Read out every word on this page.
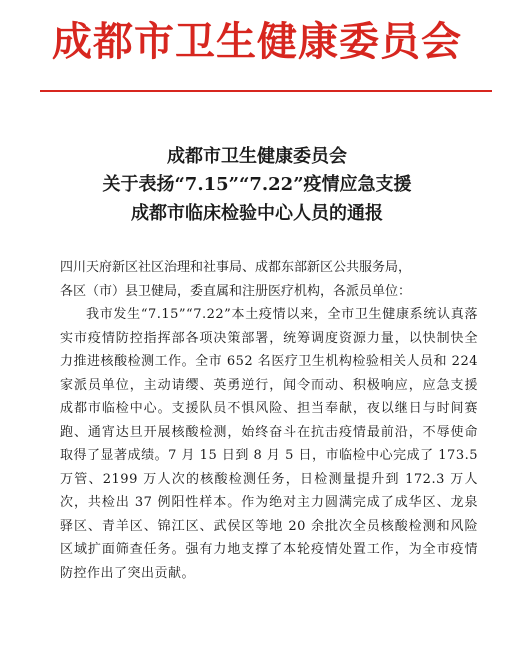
成都市卫生健康委员会
成都市卫生健康委员会
关于表扬“7.15”“7.22”疫情应急支援
成都市临床检验中心人员的通报
四川天府新区社区治理和社事局、成都东部新区公共服务局，
各区（市）县卫健局，委直属和注册医疗机构，各派员单位：
我市发生“7.15”“7.22”本土疫情以来，全市卫生健康系统认真落实市疫情防控指挥部各项决策部署，统筹调度资源力量，以快制快全力推进核酸检测工作。全市 652 名医疗卫生机构检验相关人员和 224 家派员单位，主动请缨、英勇逆行，闻令而动、积极响应，应急支援成都市临检中心。支援队员不惧风险、担当奉献，夜以继日与时间赛跑、通宵达旦开展核酸检测，始终奋斗在抗击疫情最前沿，不辱使命取得了显著成绩。7 月 15 日到 8 月 5 日，市临检中心完成了 173.5 万管、2199 万人次的核酸检测任务，日检测量提升到 172.3 万人次，共检出 37 例阳性样本。作为绝对主力圆满完成了成华区、龙泉驿区、青羊区、锦江区、武侯区等地 20 余批次全员核酸检测和风险区域扩面筛查任务。强有力地支撑了本轮疫情处置工作，为全市疫情防控作出了突出贡献。
